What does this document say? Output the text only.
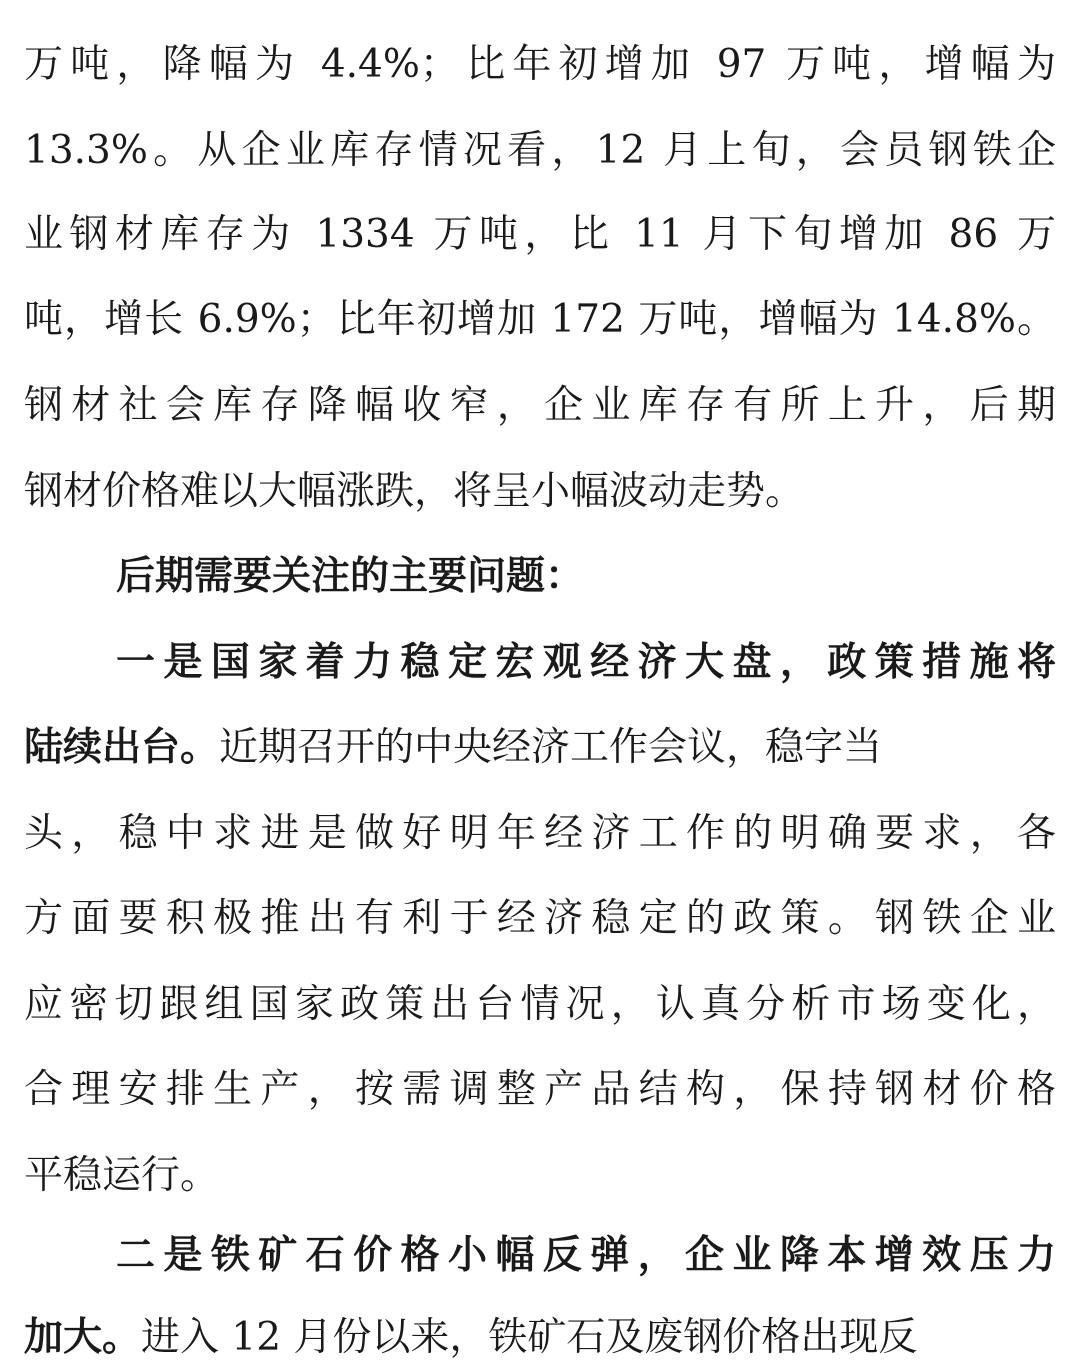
万吨，降幅为 4.4%；比年初增加 97 万吨，增幅为
13.3%。从企业库存情况看，12 月上旬，会员钢铁企
业钢材库存为 1334 万吨，比 11 月下旬增加 86 万
吨，增长 6.9%；比年初增加 172 万吨，增幅为 14.8%。
钢材社会库存降幅收窄，企业库存有所上升，后期
钢材价格难以大幅涨跌，将呈小幅波动走势。
后期需要关注的主要问题：
一是国家着力稳定宏观经济大盘，政策措施将
陆续出台。近期召开的中央经济工作会议，稳字当
头，稳中求进是做好明年经济工作的明确要求，各
方面要积极推出有利于经济稳定的政策。钢铁企业
应密切跟组国家政策出台情况，认真分析市场变化，
合理安排生产，按需调整产品结构，保持钢材价格
平稳运行。
二是铁矿石价格小幅反弹，企业降本增效压力
加大。进入 12 月份以来，铁矿石及废钢价格出现反
